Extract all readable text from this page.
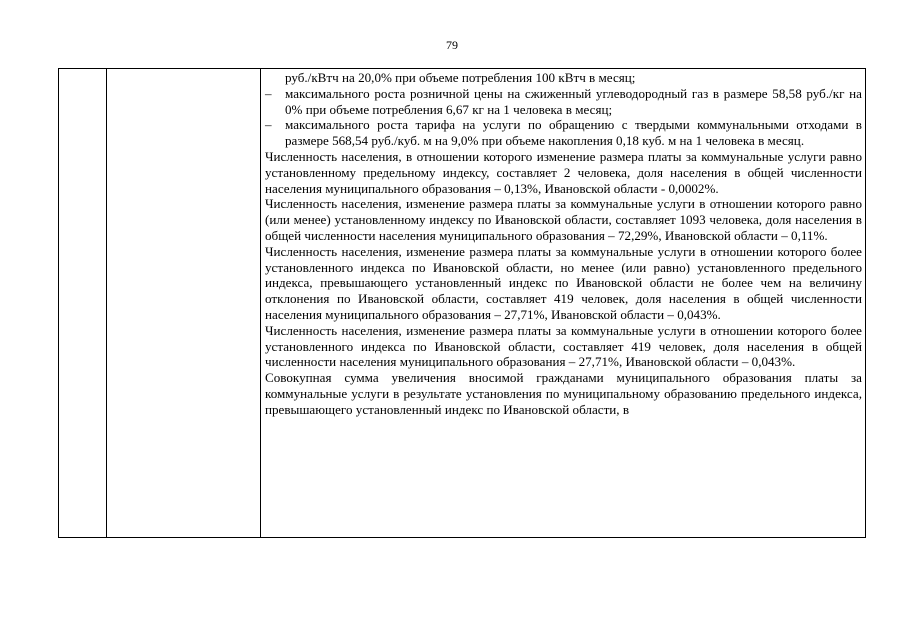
79

руб./кВтч на 20,0% при объеме потребления 100 кВтч в месяц;
– максимального роста розничной цены на сжиженный углеводородный газ в размере 58,58 руб./кг на 0% при объеме потребления 6,67 кг на 1 человека в месяц;
– максимального роста тарифа на услуги по обращению с твердыми коммунальными отходами в размере 568,54 руб./куб. м на 9,0% при объеме накопления 0,18 куб. м на 1 человека в месяц.

Численность населения, в отношении которого изменение размера платы за коммунальные услуги равно установленному предельному индексу, составляет 2 человека, доля населения в общей численности населения муниципального образования – 0,13%, Ивановской области - 0,0002%.

Численность населения, изменение размера платы за коммунальные услуги в отношении которого равно (или менее) установленному индексу по Ивановской области, составляет 1093 человека, доля населения в общей численности населения муниципального образования – 72,29%, Ивановской области – 0,11%.

Численность населения, изменение размера платы за коммунальные услуги в отношении которого более установленного индекса по Ивановской области, но менее (или равно) установленного предельного индекса, превышающего установленный индекс по Ивановской области не более чем на величину отклонения по Ивановской области, составляет 419 человек, доля населения в общей численности населения муниципального образования – 27,71%, Ивановской области – 0,043%.

Численность населения, изменение размера платы за коммунальные услуги в отношении которого более установленного индекса по Ивановской области, составляет 419 человек, доля населения в общей численности населения муниципального образования – 27,71%, Ивановской области – 0,043%.

Совокупная сумма увеличения вносимой гражданами муниципального образования платы за коммунальные услуги в результате установления по муниципальному образованию предельного индекса, превышающего установленный индекс по Ивановской области, в
